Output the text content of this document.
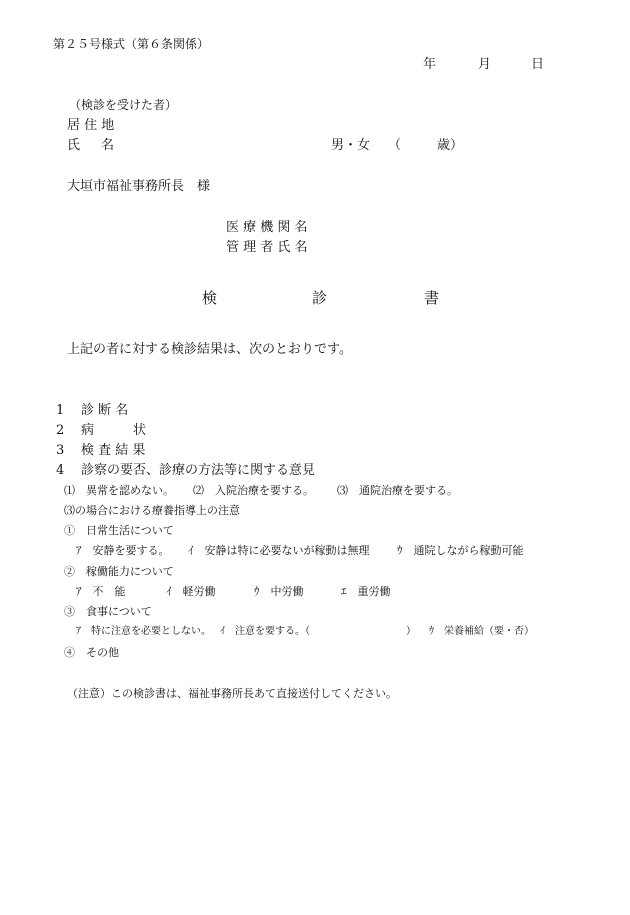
第２５号様式（第６条関係）
年	月	日
（検診を受けた者）
居 住 地
氏 名	男・女 （	歳）
大垣市福祉事務所長　様
医 療 機 関 名
管 理 者 氏 名
検	診	書
上記の者に対する検診結果は、次のとおりです。
1 診 断 名
2 病　　　状
3 検 査 結 果
4 診察の要否、診療の方法等に関する意見
⑴　異常を認めない。 ⑵　入院治療を要する。 ⑶　通院治療を要する。
⑶の場合における療養指導上の注意
①　日常生活について
ｱ　安静を要する。 ｲ　安静は特に必要ないが稼動は無理	ｳ　通院しながら稼動可能
②　稼働能力について
ｱ　不　能	ｲ　軽労働	ｳ　中労働	ｴ　重労働
③　食事について
ｱ　特に注意を必要としない。 ｲ　注意を要する。（	） ｳ　栄養補給（要・否）
④　その他
（注意）この検診書は、福祉事務所長あて直接送付してください。
